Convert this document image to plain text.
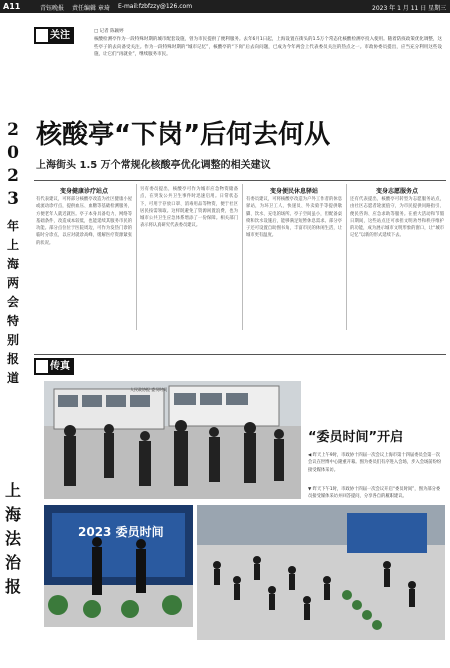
A11	青钰晚报 责任编辑 章琦 E-mail:fzbfzzy@126.com	2023 年 1 月 11 日 星期三
2
0
2
3
年
上
海
两
会
特
别
报
道
上
海
法
治
报
关注	□ 记者 陈颖婷
核酸检测亭作为一段特殊时期的城市配套设施，曾为市民提供了便利服务。去年6月1日起，上海设置在街头的1.5万个常态化核酸检测亭投入使用。随着防疫政策优化调整，这些亭子的去向备受关注。作为一段特殊时期的“城市记忆”，核酸亭的“下岗”后去向问题，已成为今年两会上代表委员关注的热点之一。市政协委员提出，应当充分利用这些设施，让它们“再就业”，继续服务市民。
核酸亭“下岗”后何去何从
上海街头 1.5 万个常规化核酸亭优化调整的相关建议
变身健康诊疗站点
有代表建议，可将部分核酸亭改造为社区健康小屋或流动诊疗点，提供血压、血糖等基础检测服务，方便老年人就近就医。亭子本身具备电力、网络等基础条件，改造成本较低，也能延续其服务市民的功能。部分点位位于医院周边，可作为发热门诊的临时分诊点，以应对就诊高峰，缓解医疗资源紧张的状况。
另有委员提出，核酸亭可作为城市应急物资储备点，在突发公共卫生事件时迅速启用。日常状态下，可用于存放口罩、消毒用品等物资，便于社区居民按需领取。这样既避免了资源闲置浪费，也为城市公共卫生应急体系增添了一份保障。相关部门表示将认真研究代表委员建议。
变身便民休息驿站
有委员建议，可将核酸亭改造为户外工作者的休息驿站，为环卫工人、快递员、外卖骑手等提供歇脚、饮水、充电的场所。亭子空间虽小，但配备桌椅和饮水设施后，能够满足短暂休息需求。部分亭子还可设置自助图书角，丰富市民的休闲生活，让城市更有温度。
变身志愿服务点
还有代表提出，核酸亭可转型为志愿服务站点，由社区志愿者轮流值守，为市民提供问路指引、便民咨询、应急求助等服务。在重大活动和节假日期间，这些站点还可承担文明劝导和秩序维护的功能，成为展示城市文明形象的窗口，让“城市记忆”以新的形式延续下去。
传真
人民政协报 委员时间
“委员时间”开启
◀ 昨天上午9时，市政协十四届一次会议上海市第十四届委员会第一次会议在世博中心隆重开幕。图为委员们有序进入会场，步入会场前纷纷接受媒体采访。
▼ 昨天下午1时，市政协十四届一次会议开启“委员时间”，图为部分委员接受媒体采访并回答提问，分享各自的履职建议。
2023 委员时间
